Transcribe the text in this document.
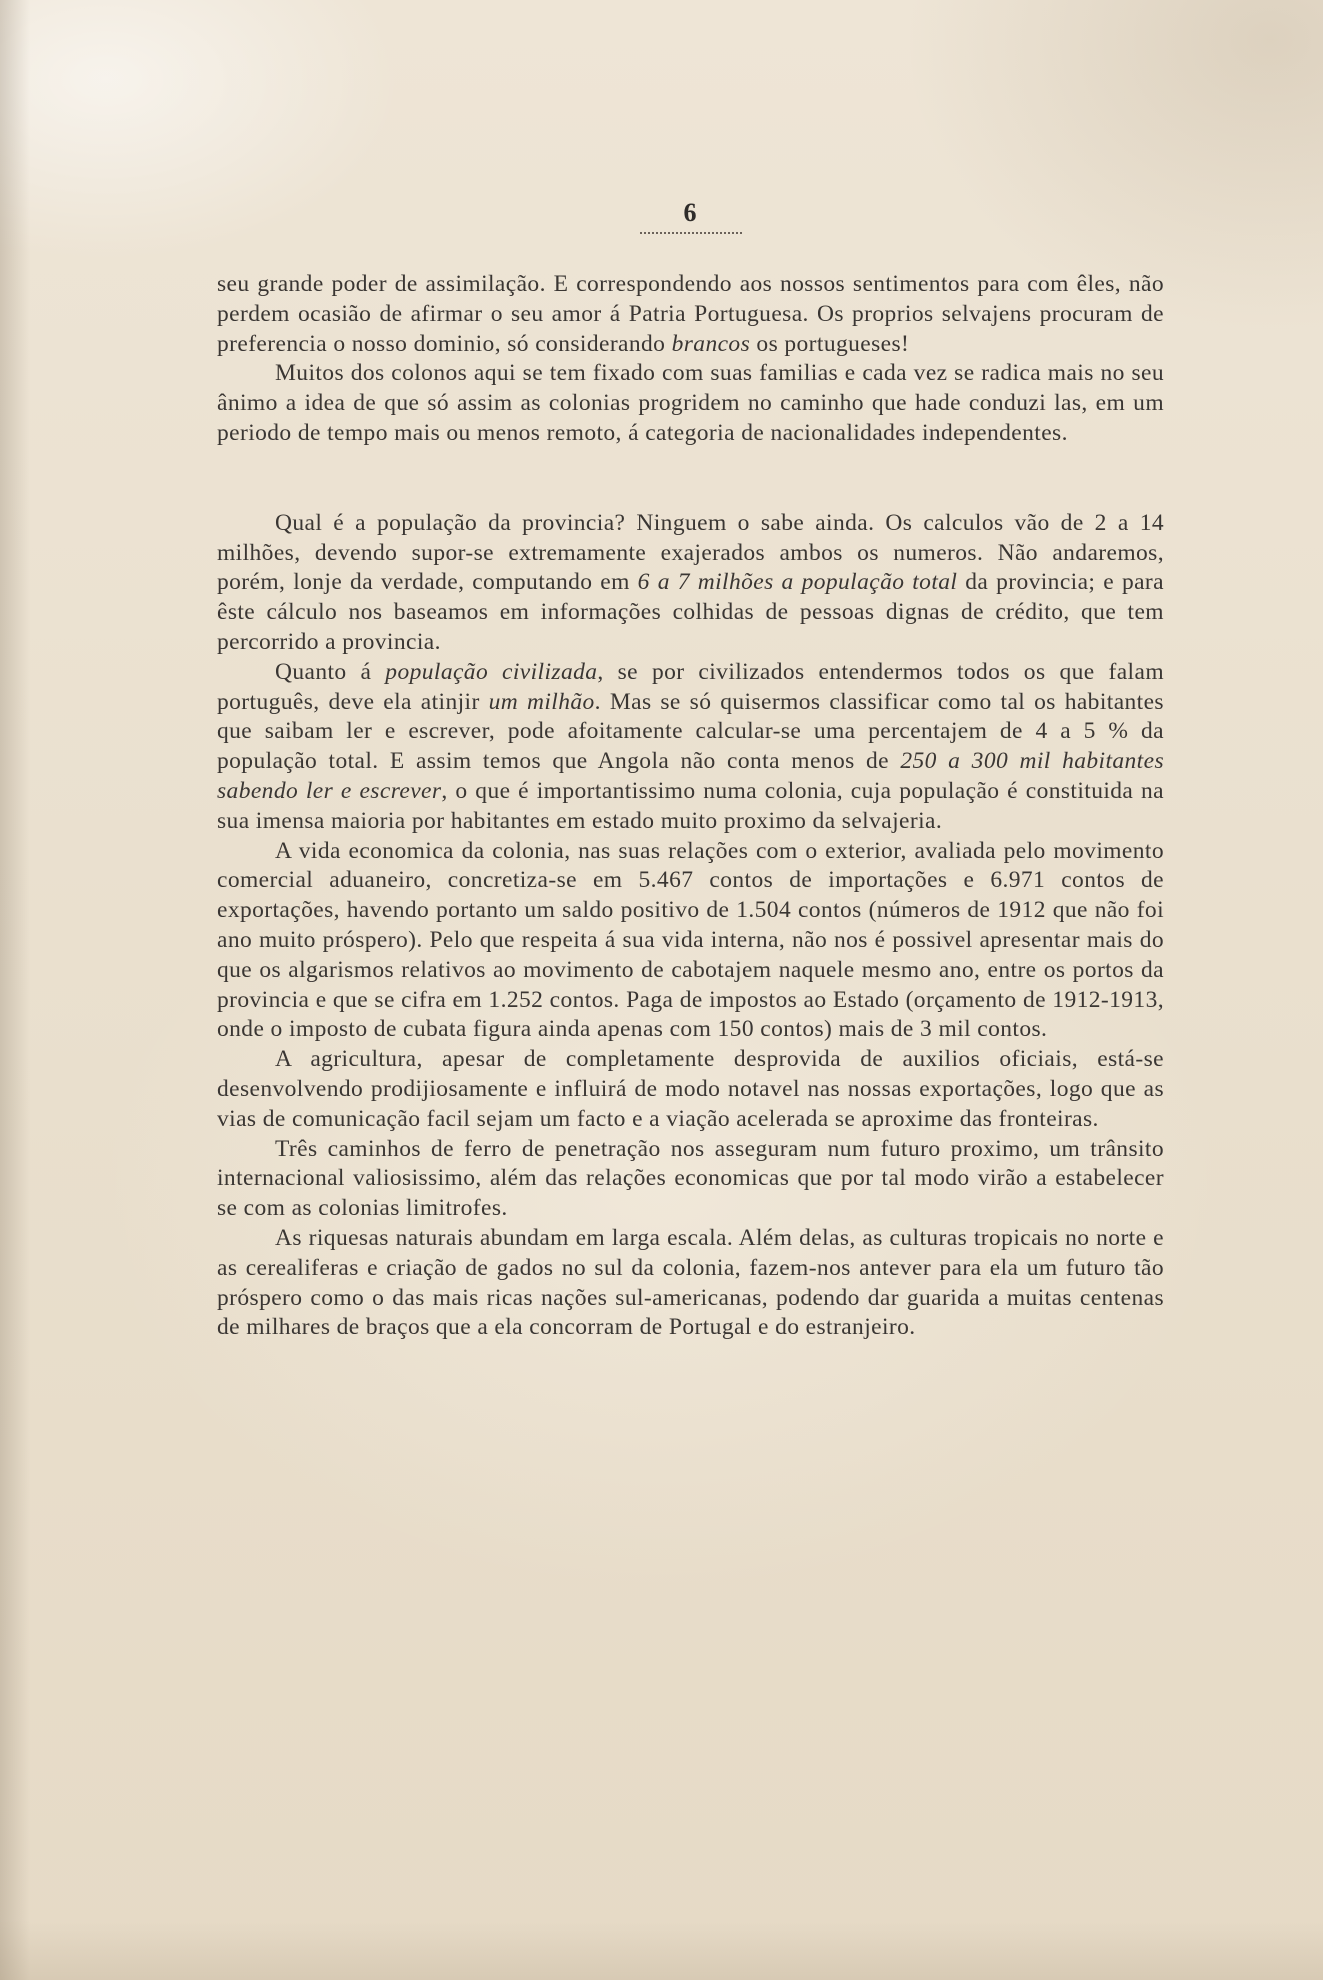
6

seu grande poder de assimilação. E correspondendo aos nossos sentimentos para com êles, não perdem ocasião de afirmar o seu amor á Patria Portuguesa. Os proprios selvajens procuram de preferencia o nosso dominio, só considerando brancos os portugueses!

Muitos dos colonos aqui se tem fixado com suas familias e cada vez se radica mais no seu ânimo a idea de que só assim as colonias progridem no caminho que hade conduzi las, em um periodo de tempo mais ou menos remoto, á categoria de nacionalidades independentes.

Qual é a população da provincia? Ninguem o sabe ainda. Os calculos vão de 2 a 14 milhões, devendo supor-se extremamente exajerados ambos os numeros. Não andaremos, porém, lonje da verdade, computando em 6 a 7 milhões a população total da provincia; e para êste cálculo nos baseamos em informações colhidas de pessoas dignas de crédito, que tem percorrido a provincia.

Quanto á população civilizada, se por civilizados entendermos todos os que falam português, deve ela atinjir um milhão. Mas se só quisermos classificar como tal os habitantes que saibam ler e escrever, pode afoitamente calcular-se uma percentajem de 4 a 5 % da população total. E assim temos que Angola não conta menos de 250 a 300 mil habitantes sabendo ler e escrever, o que é importantissimo numa colonia, cuja população é constituida na sua imensa maioria por habitantes em estado muito proximo da selvajeria.

A vida economica da colonia, nas suas relações com o exterior, avaliada pelo movimento comercial aduaneiro, concretiza-se em 5.467 contos de importações e 6.971 contos de exportações, havendo portanto um saldo positivo de 1.504 contos (números de 1912 que não foi ano muito próspero). Pelo que respeita á sua vida interna, não nos é possivel apresentar mais do que os algarismos relativos ao movimento de cabotajem naquele mesmo ano, entre os portos da provincia e que se cifra em 1.252 contos. Paga de impostos ao Estado (orçamento de 1912-1913, onde o imposto de cubata figura ainda apenas com 150 contos) mais de 3 mil contos.

A agricultura, apesar de completamente desprovida de auxilios oficiais, está-se desenvolvendo prodijiosamente e influirá de modo notavel nas nossas exportações, logo que as vias de comunicação facil sejam um facto e a viação acelerada se aproxime das fronteiras.

Três caminhos de ferro de penetração nos asseguram num futuro proximo, um trânsito internacional valiosissimo, além das relações economicas que por tal modo virão a estabelecer se com as colonias limitrofes.

As riquesas naturais abundam em larga escala. Além delas, as culturas tropicais no norte e as cerealiferas e criação de gados no sul da colonia, fazem-nos antever para ela um futuro tão próspero como o das mais ricas nações sul-americanas, podendo dar guarida a muitas centenas de milhares de braços que a ela concorram de Portugal e do estranjeiro.
